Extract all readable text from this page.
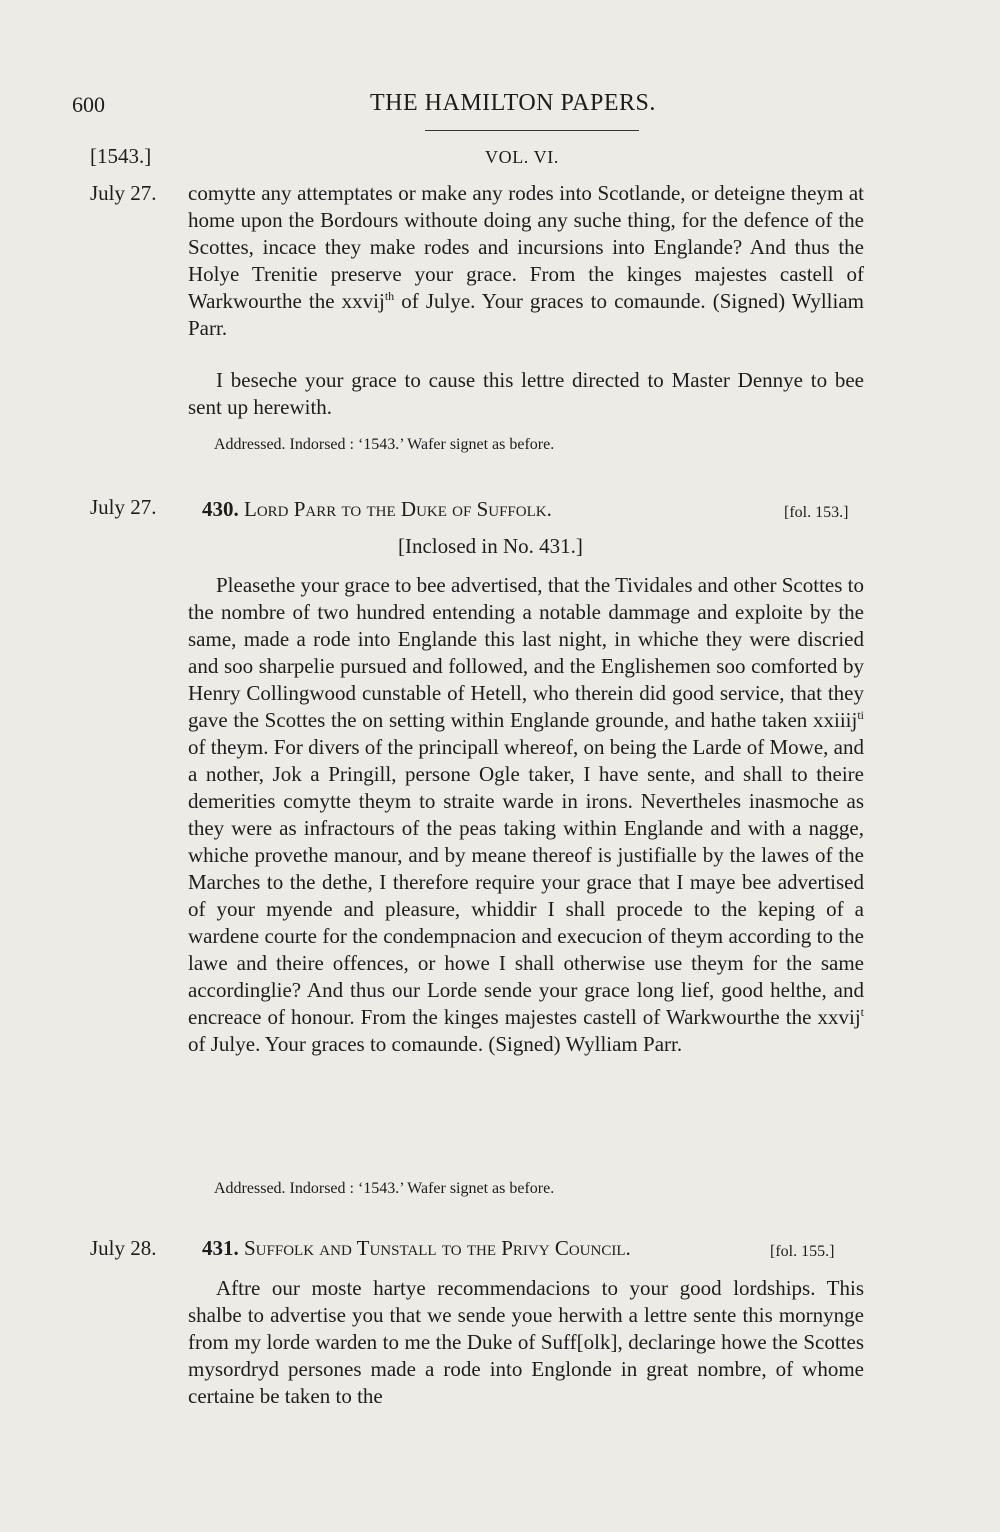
600	THE HAMILTON PAPERS.
[1543.]	VOL. VI.
July 27. comytte any attemptates or make any rodes into Scotlande, or deteigne theym at home upon the Bordours withoute doing any suche thing, for the defence of the Scottes, incace they make rodes and incursions into Englande? And thus the Holye Trenitie preserve your grace. From the kinges majestes castell of Warkwourthe the xxvij$^{th}$ of Julye. Your graces to comaunde. (Signed) Wylliam Parr.

I beseche your grace to cause this lettre directed to Master Dennye to bee sent up herewith.

Addressed. Indorsed : ‘1543.’ Wafer signet as before.
July 27. 430. Lord Parr to the Duke of Suffolk.	[fol. 153.]
[Inclosed in No. 431.]

Pleasethe your grace to bee advertised, that the Tividales and other Scottes to the nombre of two hundred entending a notable dammage and exploite by the same, made a rode into Englande this last night, in whiche they were discried and soo sharpelie pursued and followed, and the Englishemen soo comforted by Henry Collingwood cunstable of Hetell, who therein did good service, that they gave the Scottes the on setting within Englande grounde, and hathe taken xxiiij$^{ti}$ of theym. For divers of the principall whereof, on being the Larde of Mowe, and a nother, Jok a Pringill, persone Ogle taker, I have sente, and shall to theire demerities comytte theym to straite warde in irons. Nevertheles inasmoche as they were as infractours of the peas taking within Englande and with a nagge, whiche provethe manour, and by meane thereof is justifialle by the lawes of the Marches to the dethe, I therefore require your grace that I maye bee advertised of your myende and pleasure, whiddir I shall procede to the keping of a wardene courte for the condempnacion and execucion of theym according to the lawe and theire offences, or howe I shall otherwise use theym for the same accordinglie? And thus our Lorde sende your grace long lief, good helthe, and encreace of honour. From the kinges majestes castell of Warkwourthe the xxvij$^t$ of Julye. Your graces to comaunde. (Signed) Wylliam Parr.

Addressed. Indorsed : ‘1543.’ Wafer signet as before.
July 28. 431. Suffolk and Tunstall to the Privy Council.	[fol. 155.]

Aftre our moste hartye recommendacions to your good lordships. This shalbe to advertise you that we sende youe herwith a lettre sente this mornynge from my lorde warden to me the Duke of Suff[olk], declaringe howe the Scottes mysordryd persones made a rode into Englonde in great nombre, of whome certaine be taken to the
